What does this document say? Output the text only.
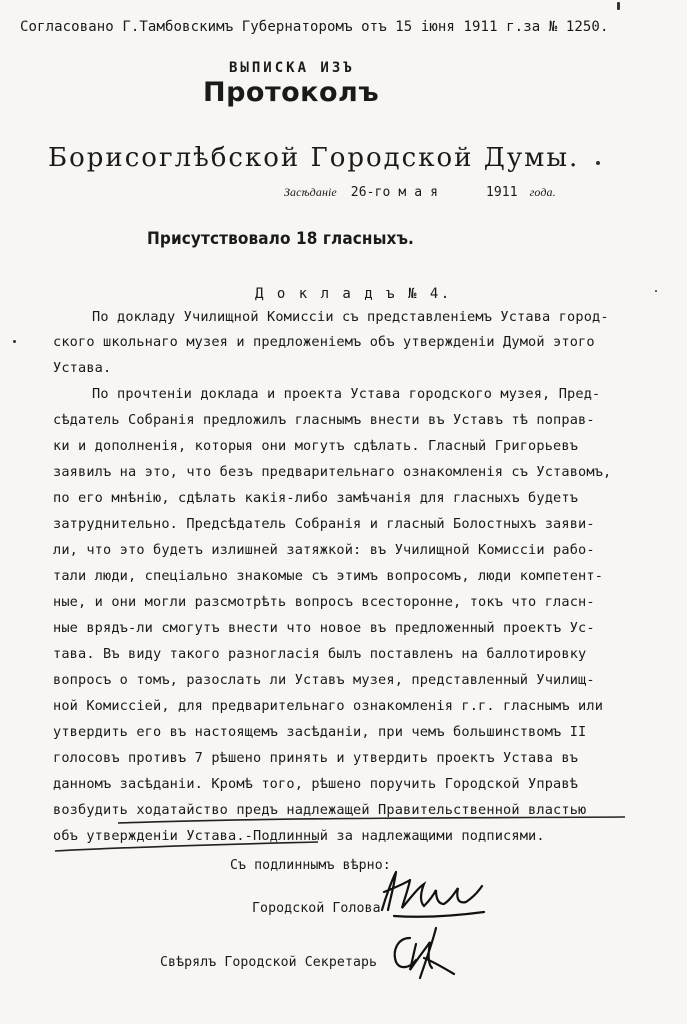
Согласовано Г.Тамбовскимъ Губернаторомъ отъ 15 іюня 1911 г.за № 1250.
ВЫПИСКА ИЗЪ
Протоколъ
Борисоглѣбской Городской Думы.
Засѣданіе 26-го м а я	1911 года.
Присутствовало 18 гласныхъ.
Д о к л а д ъ № 4.
По докладу Училищной Комиссіи съ представленіемъ Устава город-
ского школьнаго музея и предложеніемъ объ утвержденіи Думой этого
Устава.
По прочтеніи доклада и проекта Устава городского музея, Пред-
сѣдатель Собранія предложилъ гласнымъ внести въ Уставъ тѣ поправ-
ки и дополненія, которыя они могутъ сдѣлать. Гласный Григорьевъ
заявилъ на это, что безъ предварительнаго ознакомленія съ Уставомъ,
по его мнѣнію, сдѣлать какія-либо замѣчанія для гласныхъ будетъ
затруднительно. Предсѣдатель Собранія и гласный Болостныхъ заяви-
ли, что это будетъ излишней затяжкой: въ Училищной Комиссіи рабо-
тали люди, спеціально знакомые съ этимъ вопросомъ, люди компетент-
ные, и они могли разсмотрѣть вопросъ всесторонне, токъ что гласн-
ные врядъ-ли смогутъ внести что новое въ предложенный проектъ Ус-
тава. Въ виду такого разногласія былъ поставленъ на баллотировку
вопросъ о томъ, разослать ли Уставъ музея, представленный Училищ-
ной Комиссіей, для предварительнаго ознакомленія г.г. гласнымъ или
утвердить его въ настоящемъ засѣданіи, при чемъ большинствомъ II
голосовъ противъ 7 рѣшено принять и утвердить проектъ Устава въ
данномъ засѣданіи. Кромѣ того, рѣшено поручить Городской Управѣ
возбудить ходатайство предъ надлежащей Правительственной властью
объ утвержденіи Устава.-Подлинный за надлежащими подписями.
Съ подлиннымъ вѣрно:
Городской Голова
Свѣрялъ Городской Секретарь
